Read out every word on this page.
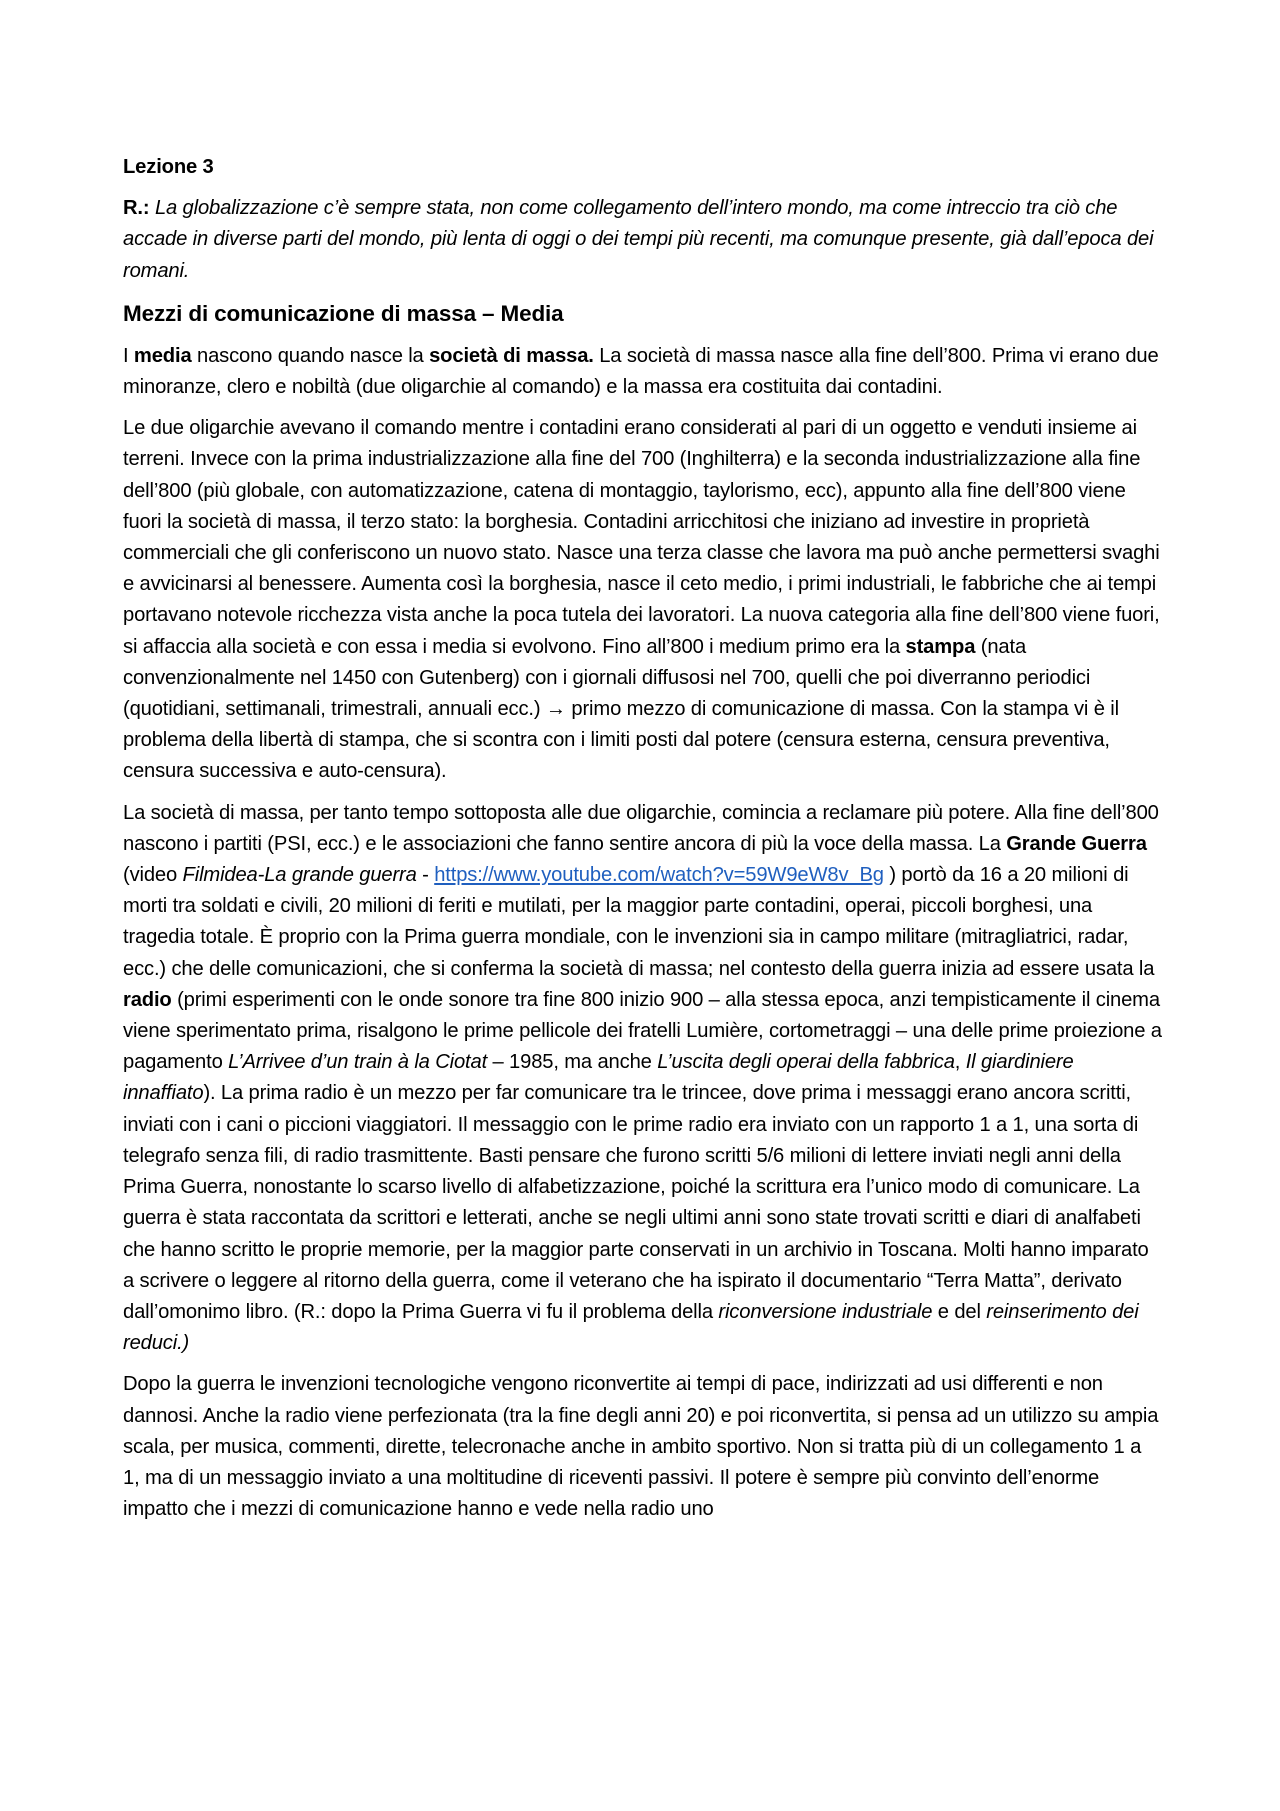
Lezione 3

R.: La globalizzazione c’è sempre stata, non come collegamento dell’intero mondo, ma come intreccio tra ciò che accade in diverse parti del mondo, più lenta di oggi o dei tempi più recenti, ma comunque presente, già dall’epoca dei romani.

Mezzi di comunicazione di massa – Media

I media nascono quando nasce la società di massa. La società di massa nasce alla fine dell’800. Prima vi erano due minoranze, clero e nobiltà (due oligarchie al comando) e la massa era costituita dai contadini.

Le due oligarchie avevano il comando mentre i contadini erano considerati al pari di un oggetto e venduti insieme ai terreni. Invece con la prima industrializzazione alla fine del 700 (Inghilterra) e la seconda industrializzazione alla fine dell’800 (più globale, con automatizzazione, catena di montaggio, taylorismo, ecc), appunto alla fine dell’800 viene fuori la società di massa, il terzo stato: la borghesia. Contadini arricchitosi che iniziano ad investire in proprietà commerciali che gli conferiscono un nuovo stato. Nasce una terza classe che lavora ma può anche permettersi svaghi e avvicinarsi al benessere. Aumenta così la borghesia, nasce il ceto medio, i primi industriali, le fabbriche che ai tempi portavano notevole ricchezza vista anche la poca tutela dei lavoratori. La nuova categoria alla fine dell’800 viene fuori, si affaccia alla società e con essa i media si evolvono. Fino all’800 i medium primo era la stampa (nata convenzionalmente nel 1450 con Gutenberg) con i giornali diffusosi nel 700, quelli che poi diverranno periodici (quotidiani, settimanali, trimestrali, annuali ecc.) → primo mezzo di comunicazione di massa. Con la stampa vi è il problema della libertà di stampa, che si scontra con i limiti posti dal potere (censura esterna, censura preventiva, censura successiva e auto-censura).

La società di massa, per tanto tempo sottoposta alle due oligarchie, comincia a reclamare più potere. Alla fine dell’800 nascono i partiti (PSI, ecc.) e le associazioni che fanno sentire ancora di più la voce della massa. La Grande Guerra (video Filmidea-La grande guerra - https://www.youtube.com/watch?v=59W9eW8v_Bg ) portò da 16 a 20 milioni di morti tra soldati e civili, 20 milioni di feriti e mutilati, per la maggior parte contadini, operai, piccoli borghesi, una tragedia totale. È proprio con la Prima guerra mondiale, con le invenzioni sia in campo militare (mitragliatrici, radar, ecc.) che delle comunicazioni, che si conferma la società di massa; nel contesto della guerra inizia ad essere usata la radio (primi esperimenti con le onde sonore tra fine 800 inizio 900 – alla stessa epoca, anzi tempisticamente il cinema viene sperimentato prima, risalgono le prime pellicole dei fratelli Lumière, cortometraggi – una delle prime proiezione a pagamento L’Arrivee d’un train à la Ciotat – 1985, ma anche L’uscita degli operai della fabbrica, Il giardiniere innaffiato). La prima radio è un mezzo per far comunicare tra le trincee, dove prima i messaggi erano ancora scritti, inviati con i cani o piccioni viaggiatori. Il messaggio con le prime radio era inviato con un rapporto 1 a 1, una sorta di telegrafo senza fili, di radio trasmittente. Basti pensare che furono scritti 5/6 milioni di lettere inviati negli anni della Prima Guerra, nonostante lo scarso livello di alfabetizzazione, poiché la scrittura era l’unico modo di comunicare. La guerra è stata raccontata da scrittori e letterati, anche se negli ultimi anni sono state trovati scritti e diari di analfabeti che hanno scritto le proprie memorie, per la maggior parte conservati in un archivio in Toscana. Molti hanno imparato a scrivere o leggere al ritorno della guerra, come il veterano che ha ispirato il documentario “Terra Matta”, derivato dall’omonimo libro. (R.: dopo la Prima Guerra vi fu il problema della riconversione industriale e del reinserimento dei reduci.)

Dopo la guerra le invenzioni tecnologiche vengono riconvertite ai tempi di pace, indirizzati ad usi differenti e non dannosi. Anche la radio viene perfezionata (tra la fine degli anni 20) e poi riconvertita, si pensa ad un utilizzo su ampia scala, per musica, commenti, dirette, telecronache anche in ambito sportivo. Non si tratta più di un collegamento 1 a 1, ma di un messaggio inviato a una moltitudine di riceventi passivi. Il potere è sempre più convinto dell’enorme impatto che i mezzi di comunicazione hanno e vede nella radio uno
